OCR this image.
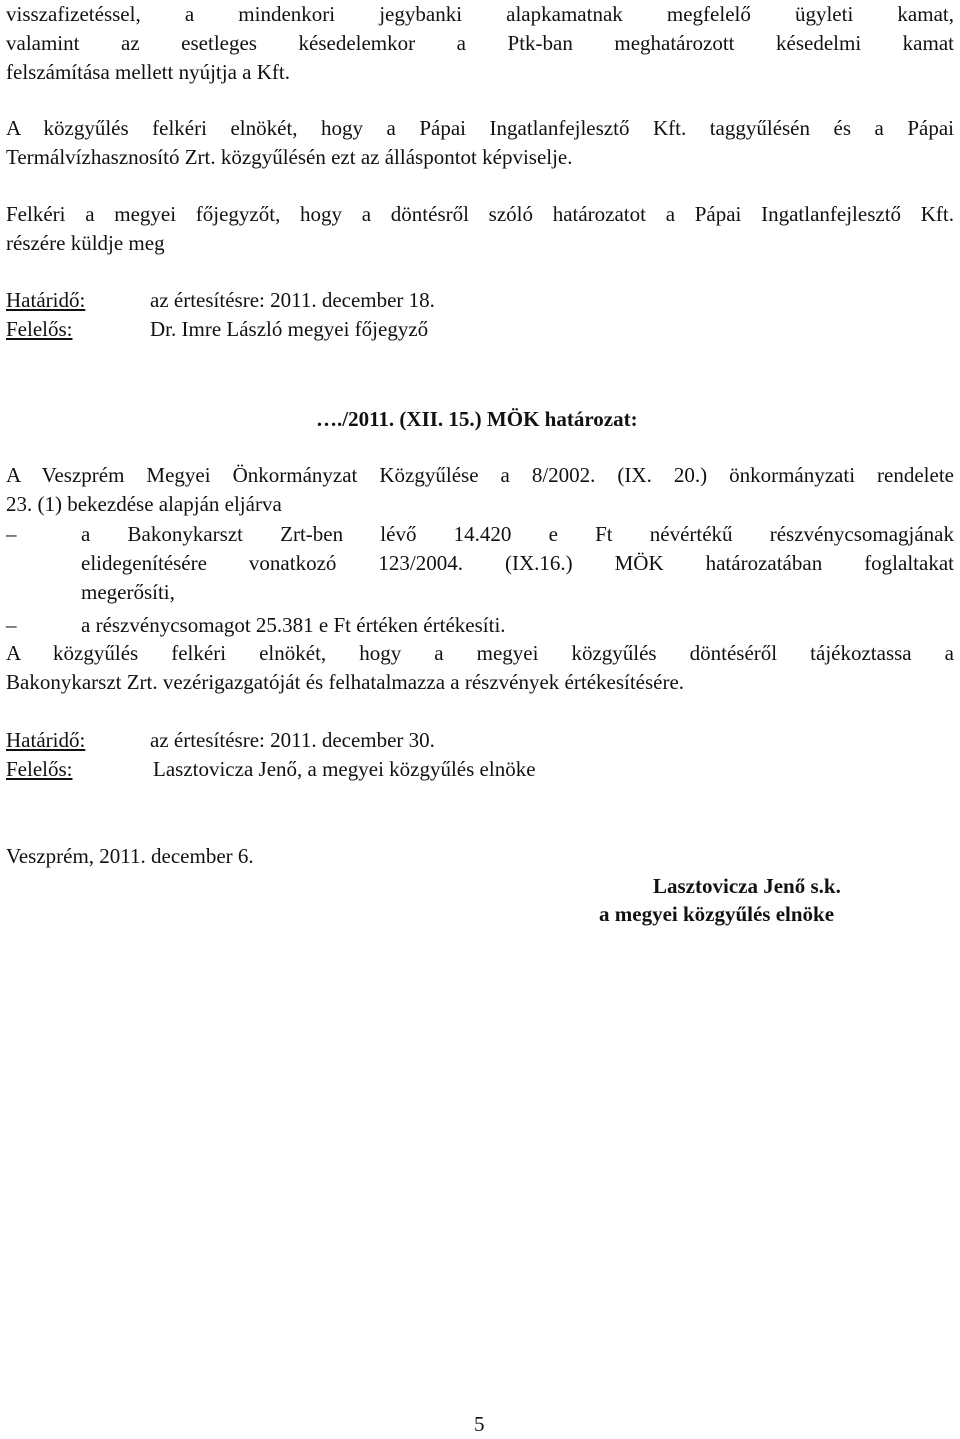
visszafizetéssel, a mindenkori jegybanki alapkamatnak megfelelő ügyleti kamat,
valamint az esetleges késedelemkor a Ptk-ban meghatározott késedelmi kamat
felszámítása mellett nyújtja a Kft.
A közgyűlés felkéri elnökét, hogy a Pápai Ingatlanfejlesztő Kft. taggyűlésén és a Pápai
Termálvízhasznosító Zrt. közgyűlésén ezt az álláspontot képviselje.
Felkéri a megyei főjegyzőt, hogy a döntésről szóló határozatot a Pápai Ingatlanfejlesztő Kft.
részére küldje meg
Határidő:	az értesítésre: 2011. december 18.
Felelős:	Dr. Imre László megyei főjegyző
…./2011. (XII. 15.) MÖK határozat:
A Veszprém Megyei Önkormányzat Közgyűlése a 8/2002. (IX. 20.) önkormányzati rendelete
23. (1) bekezdése alapján eljárva
–	a Bakonykarszt Zrt-ben lévő 14.420 e Ft névértékű részvénycsomagjának
elidegenítésére vonatkozó 123/2004. (IX.16.) MÖK határozatában foglaltakat
megerősíti,
–	a részvénycsomagot 25.381 e Ft értéken értékesíti.
A közgyűlés felkéri elnökét, hogy a megyei közgyűlés döntéséről tájékoztassa a
Bakonykarszt Zrt. vezérigazgatóját és felhatalmazza a részvények értékesítésére.
Határidő:	az értesítésre: 2011. december 30.
Felelős:	Lasztovicza Jenő, a megyei közgyűlés elnöke
Veszprém, 2011. december 6.
Lasztovicza Jenő s.k.
a megyei közgyűlés elnöke
5
